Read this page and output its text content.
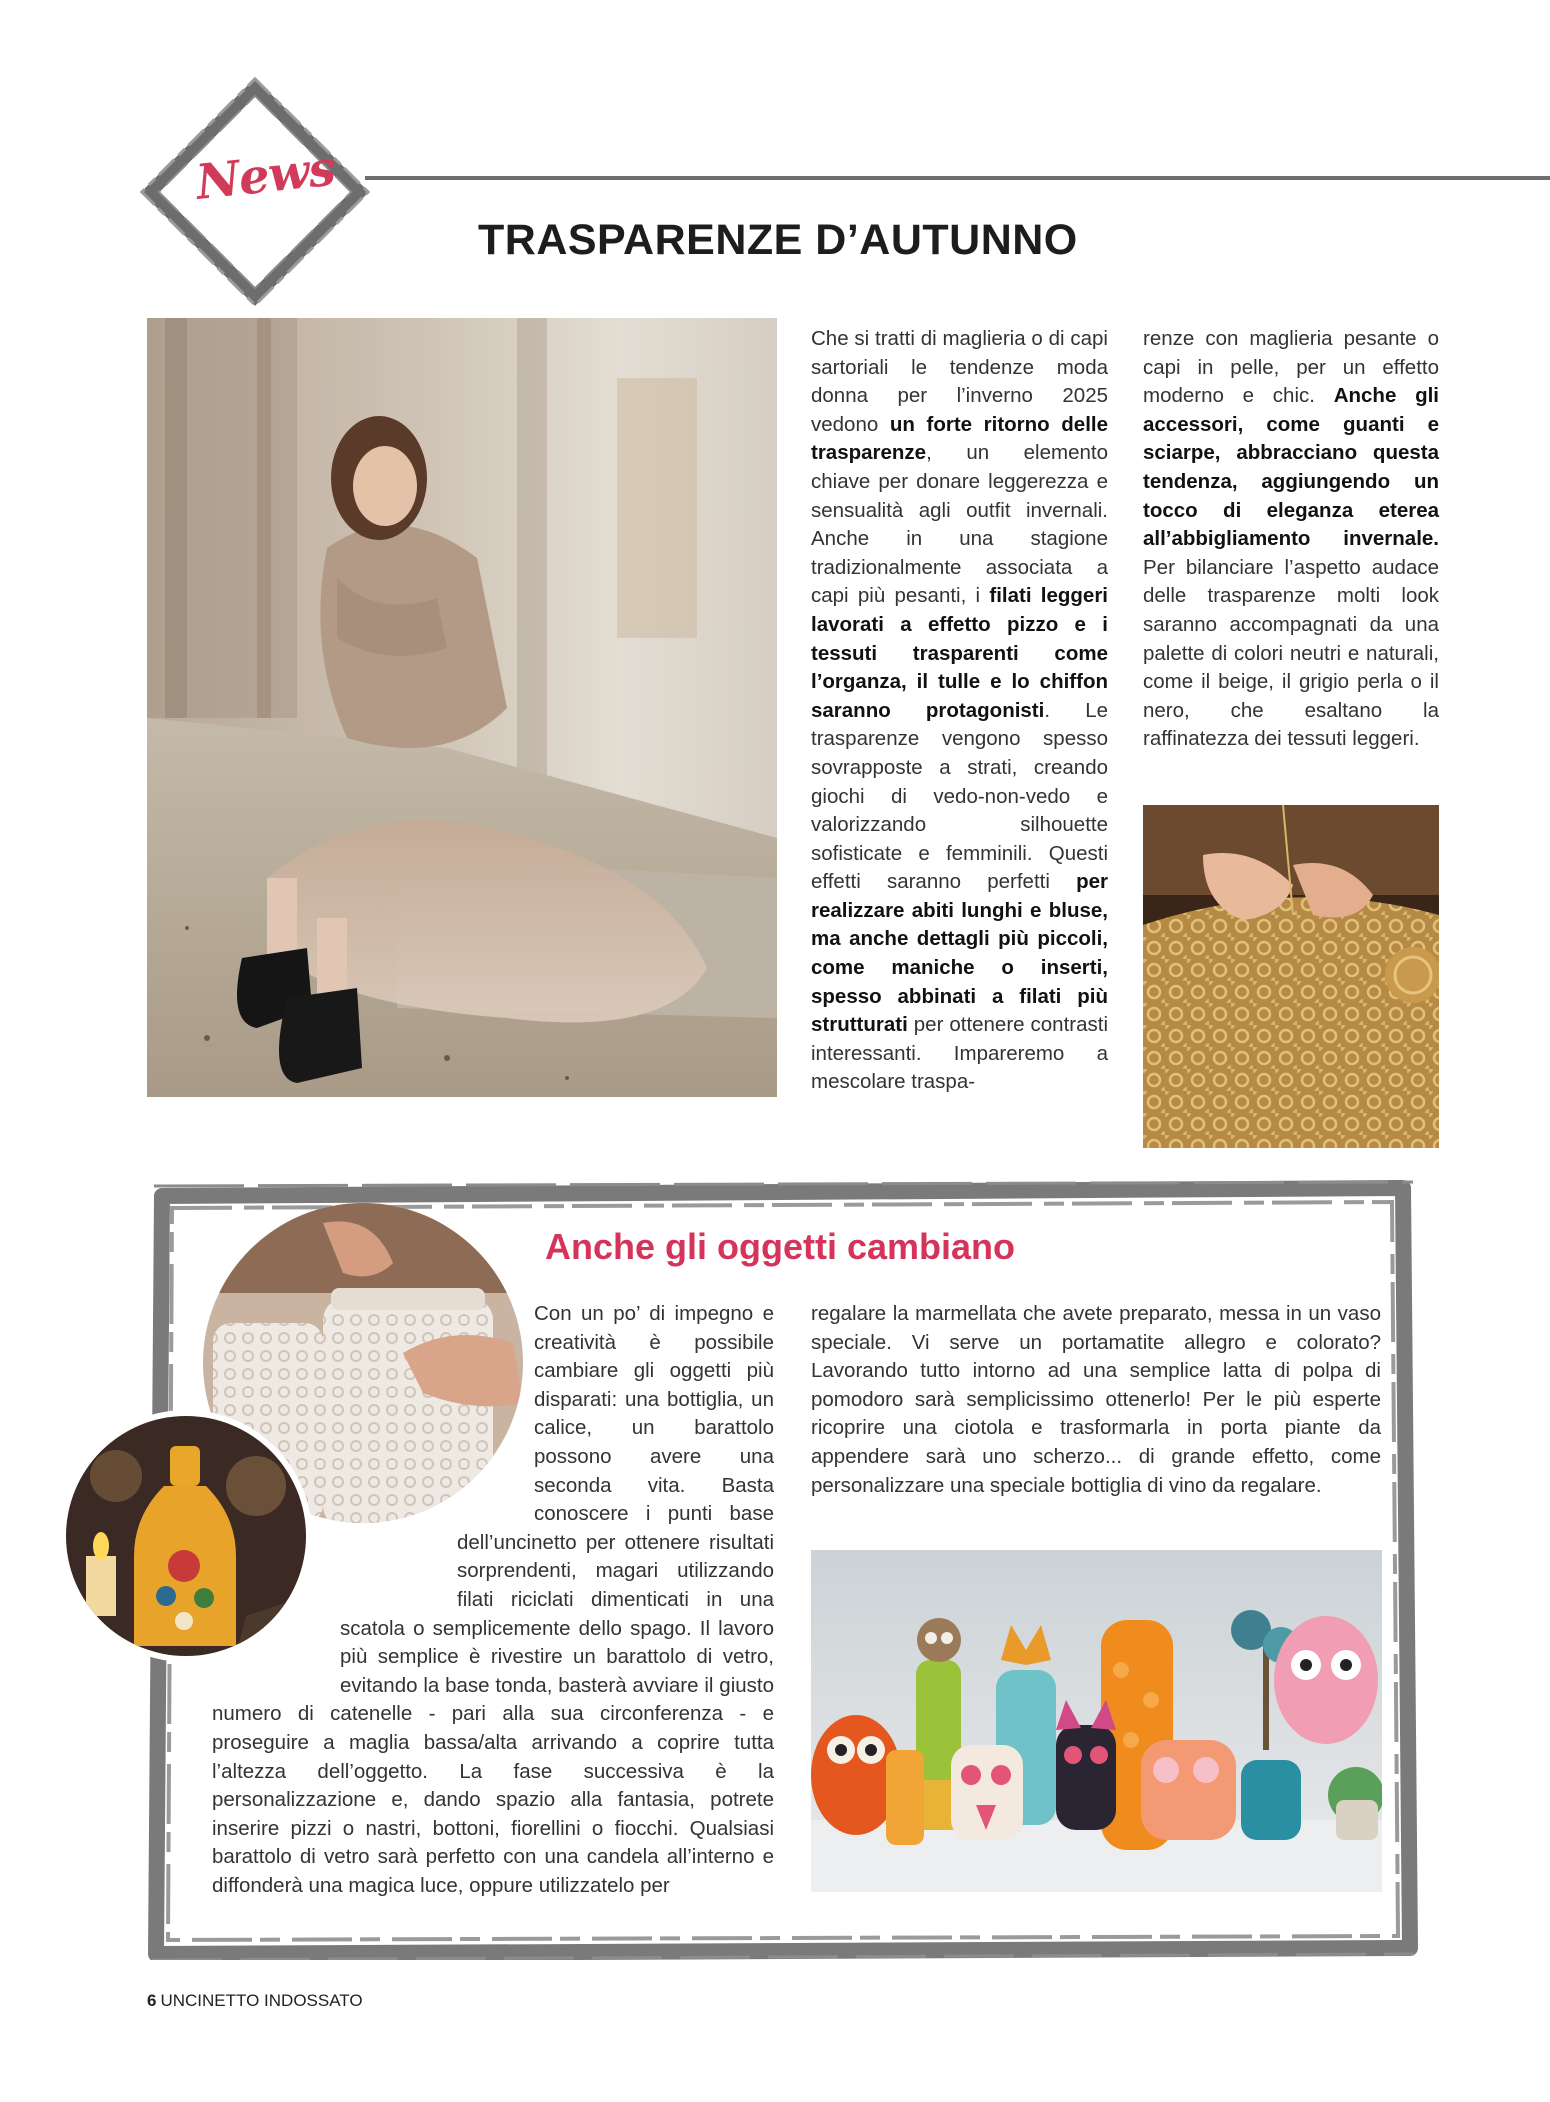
News
TRASPARENZE D’AUTUNNO
Che si tratti di maglieria o di capi sartoriali le tendenze moda donna per l’inverno 2025 vedono un forte ritorno delle trasparenze, un elemento chiave per donare leggerezza e sensualità agli outfit invernali. Anche in una stagione tradizionalmente associata a capi più pesanti, i filati leggeri lavorati a effetto pizzo e i tessuti trasparenti come l’organza, il tulle e lo chiffon saranno protagonisti. Le trasparenze vengono spesso sovrapposte a strati, creando giochi di vedo-non-vedo e valorizzando silhouette sofisticate e femminili. Questi effetti saranno perfetti per realizzare abiti lunghi e bluse, ma anche dettagli più piccoli, come maniche o inserti, spesso abbinati a filati più strutturati per ottenere contrasti interessanti. Impareremo a mescolare traspa-
renze con maglieria pesante o capi in pelle, per un effetto moderno e chic. Anche gli accessori, come guanti e sciarpe, abbracciano questa tendenza, aggiungendo un tocco di eleganza eterea all’abbigliamento invernale. Per bilanciare l’aspetto audace delle trasparenze molti look saranno accompagnati da una palette di colori neutri e naturali, come il beige, il grigio perla o il nero, che esaltano la raffinatezza dei tessuti leggeri.
Anche gli oggetti cambiano

Con un po’ di impegno e creatività è possibile cambiare gli oggetti più disparati: una bottiglia, un calice, un barattolo possono avere una seconda vita. Basta conoscere i punti base dell’uncinetto per ottenere risultati sorprendenti, magari utilizzando filati riciclati dimenticati in una scatola o semplicemente dello spago. Il lavoro più semplice è rivestire un barattolo di vetro, evitando la base tonda, basterà avviare il giusto numero di catenelle - pari alla sua circonferenza - e proseguire a maglia bassa/alta arrivando a coprire tutta l’altezza dell’oggetto. La fase successiva è la personalizzazione e, dando spazio alla fantasia, potrete inserire pizzi o nastri, bottoni, fiorellini o fiocchi. Qualsiasi barattolo di vetro sarà perfetto con una candela all’interno e diffonderà una magica luce, oppure utilizzatelo per

regalare la marmellata che avete preparato, messa in un vaso speciale. Vi serve un portamatite allegro e colorato? Lavorando tutto intorno ad una semplice latta di polpa di pomodoro sarà semplicissimo ottenerlo! Per le più esperte ricoprire una ciotola e trasformarla in porta piante da appendere sarà uno scherzo... di grande effetto, come personalizzare una speciale bottiglia di vino da regalare.

6 UNCINETTO INDOSSATO
